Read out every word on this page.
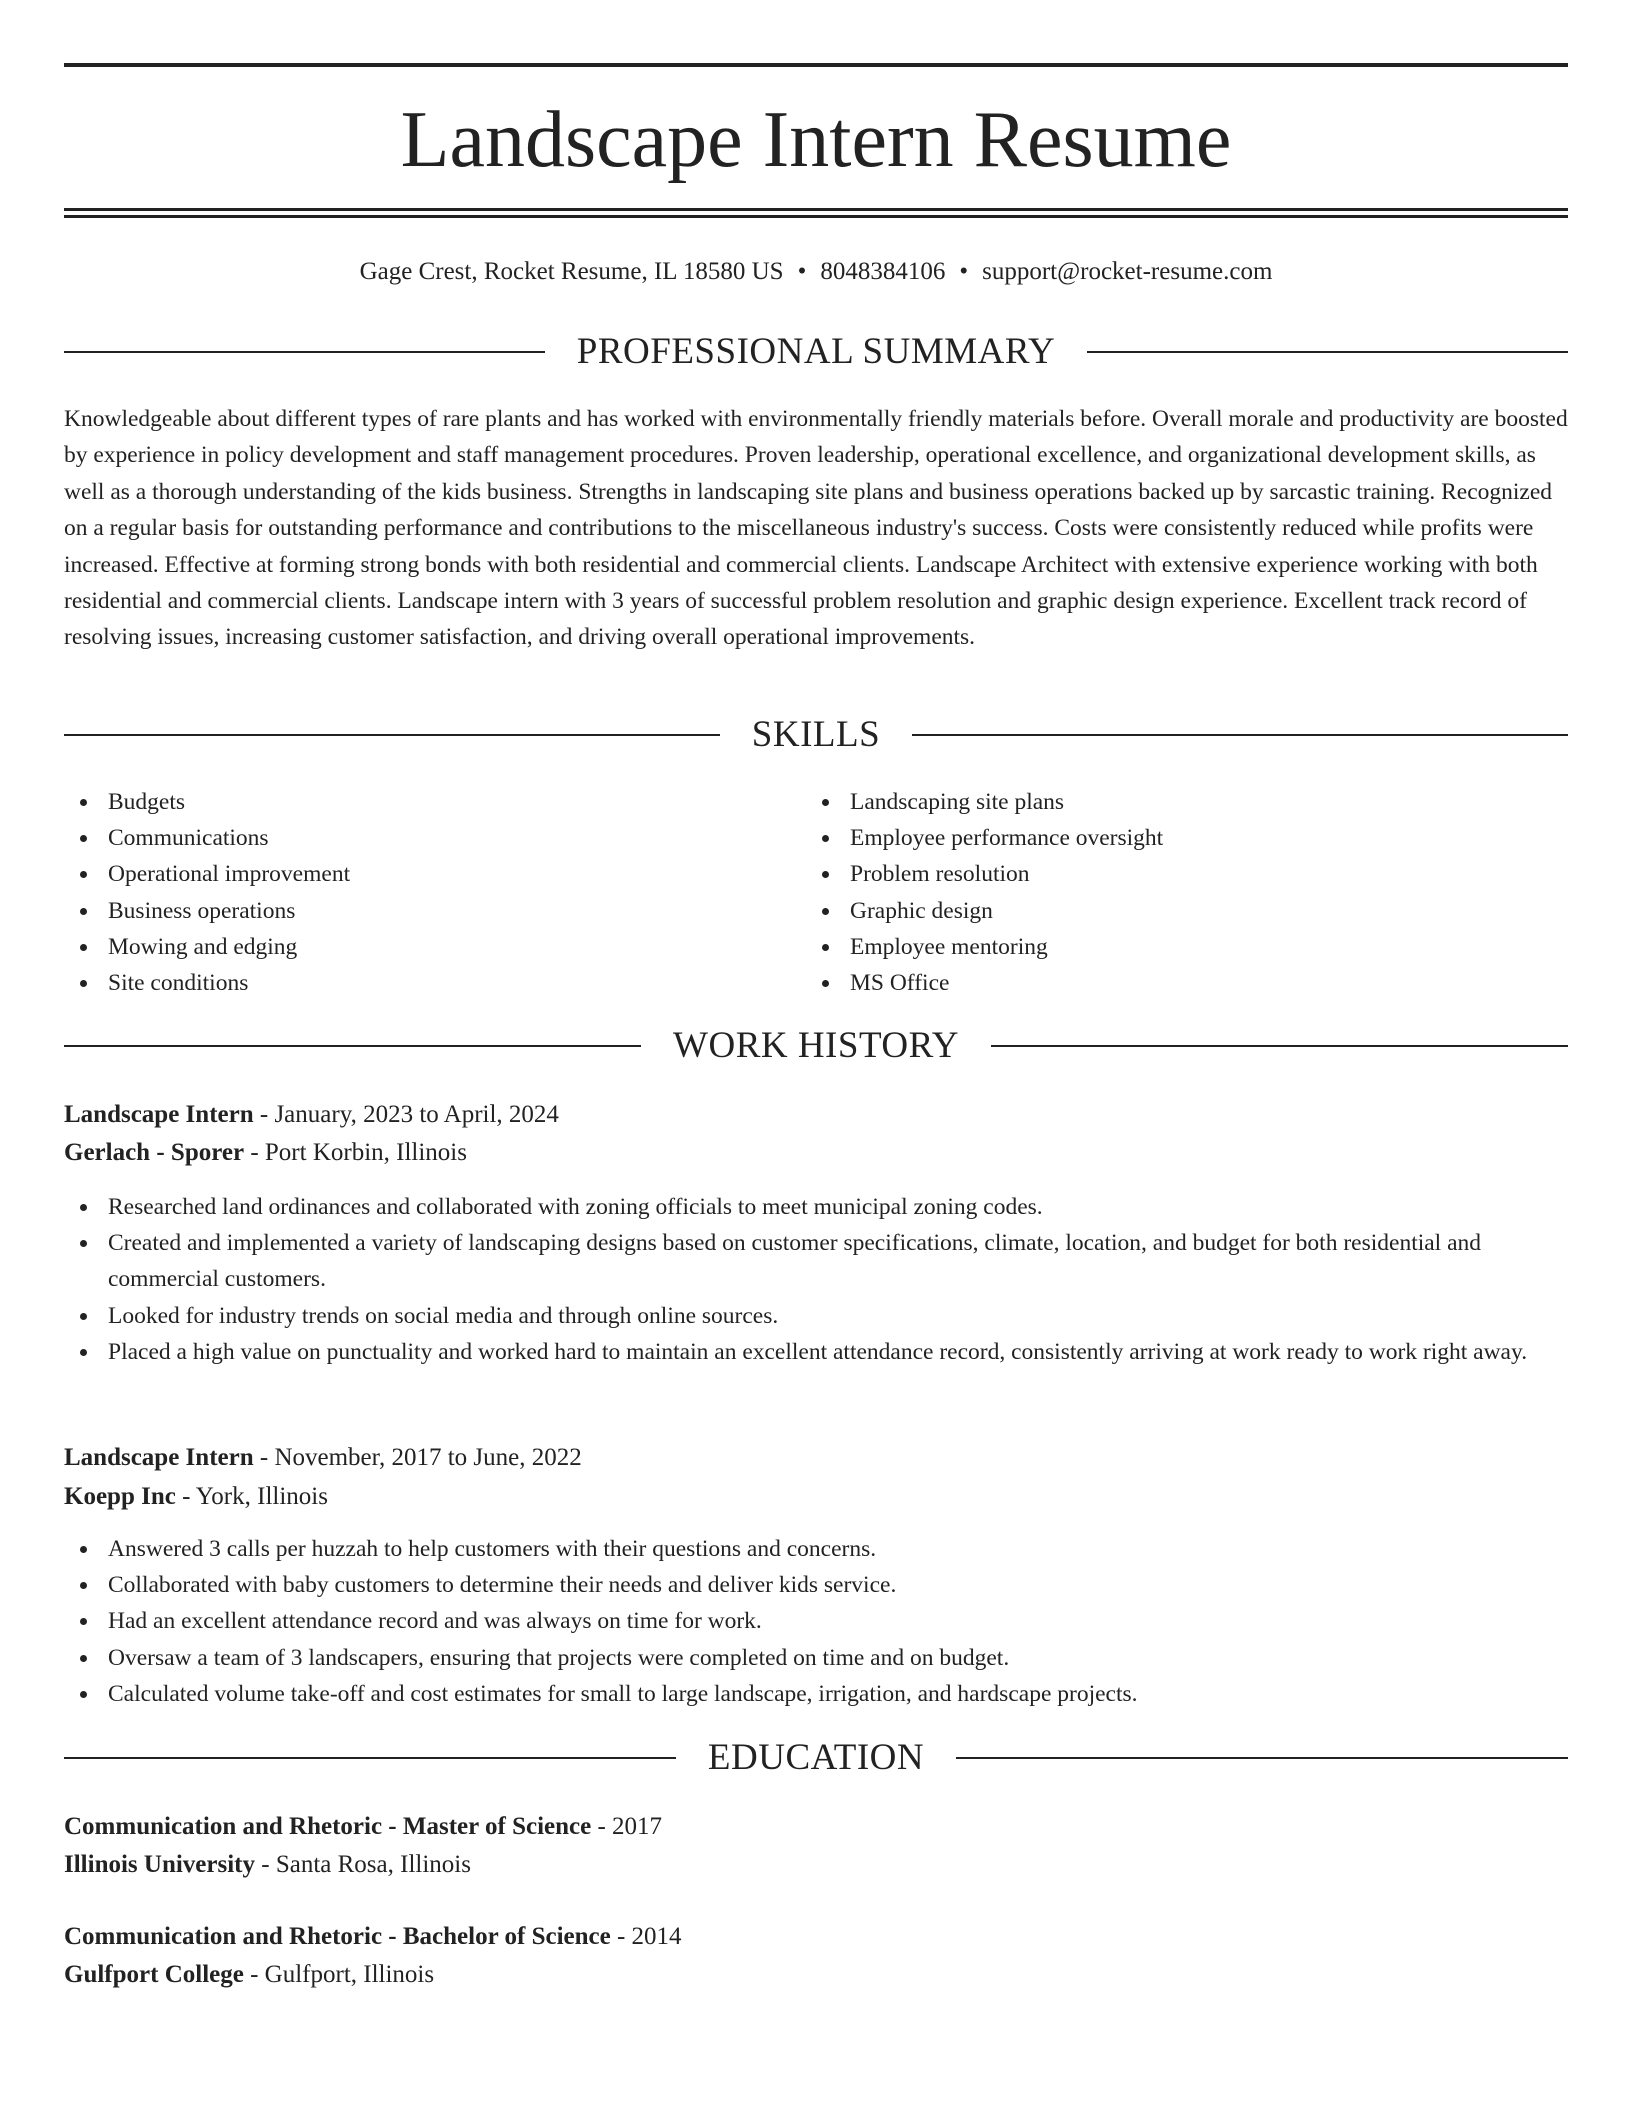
Landscape Intern Resume
Gage Crest, Rocket Resume, IL 18580 US • 8048384106 • support@rocket-resume.com
PROFESSIONAL SUMMARY

Knowledgeable about different types of rare plants and has worked with environmentally friendly materials before. Overall morale and productivity are boosted by experience in policy development and staff management procedures. Proven leadership, operational excellence, and organizational development skills, as well as a thorough understanding of the kids business. Strengths in landscaping site plans and business operations backed up by sarcastic training. Recognized on a regular basis for outstanding performance and contributions to the miscellaneous industry's success. Costs were consistently reduced while profits were increased. Effective at forming strong bonds with both residential and commercial clients. Landscape Architect with extensive experience working with both residential and commercial clients. Landscape intern with 3 years of successful problem resolution and graphic design experience. Excellent track record of resolving issues, increasing customer satisfaction, and driving overall operational improvements.

SKILLS
Budgets
Communications
Operational improvement
Business operations
Mowing and edging
Site conditions
Landscaping site plans
Employee performance oversight
Problem resolution
Graphic design
Employee mentoring
MS Office
WORK HISTORY
Landscape Intern - January, 2023 to April, 2024
Gerlach - Sporer - Port Korbin, Illinois
Researched land ordinances and collaborated with zoning officials to meet municipal zoning codes.
Created and implemented a variety of landscaping designs based on customer specifications, climate, location, and budget for both residential and commercial customers.
Looked for industry trends on social media and through online sources.
Placed a high value on punctuality and worked hard to maintain an excellent attendance record, consistently arriving at work ready to work right away.
Landscape Intern - November, 2017 to June, 2022
Koepp Inc - York, Illinois
Answered 3 calls per huzzah to help customers with their questions and concerns.
Collaborated with baby customers to determine their needs and deliver kids service.
Had an excellent attendance record and was always on time for work.
Oversaw a team of 3 landscapers, ensuring that projects were completed on time and on budget.
Calculated volume take-off and cost estimates for small to large landscape, irrigation, and hardscape projects.
EDUCATION
Communication and Rhetoric - Master of Science - 2017
Illinois University - Santa Rosa, Illinois
Communication and Rhetoric - Bachelor of Science - 2014
Gulfport College - Gulfport, Illinois
